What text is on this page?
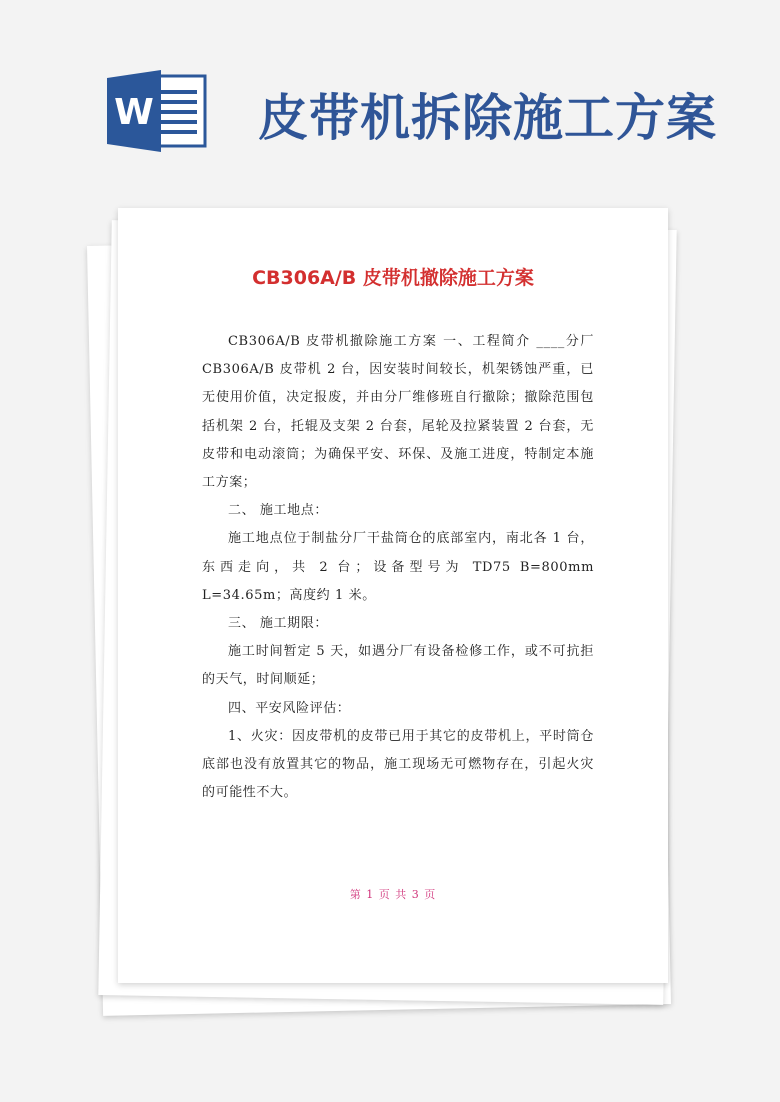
W 皮带机拆除施工方案
CB306A/B 皮带机撤除施工方案

CB306A/B 皮带机撤除施工方案 一、工程简介 ____分厂 CB306A/B 皮带机 2 台，因安装时间较长，机架锈蚀严重，已无使用价值，决定报废，并由分厂维修班自行撤除；撤除范围包括机架 2 台，托辊及支架 2 台套，尾轮及拉紧装置 2 台套，无皮带和电动滚筒；为确保平安、环保、及施工进度，特制定本施工方案；

二、 施工地点：

施工地点位于制盐分厂干盐筒仓的底部室内，南北各 1 台，东西走向，共 2 台；设备型号为 TD75 B=800mm L=34.65m；高度约 1 米。

三、 施工期限：

施工时间暂定 5 天，如遇分厂有设备检修工作，或不可抗拒的天气，时间顺延；

四、平安风险评估：

1、火灾：因皮带机的皮带已用于其它的皮带机上，平时筒仓底部也没有放置其它的物品，施工现场无可燃物存在，引起火灾的可能性不大。

第 1 页 共 3 页
